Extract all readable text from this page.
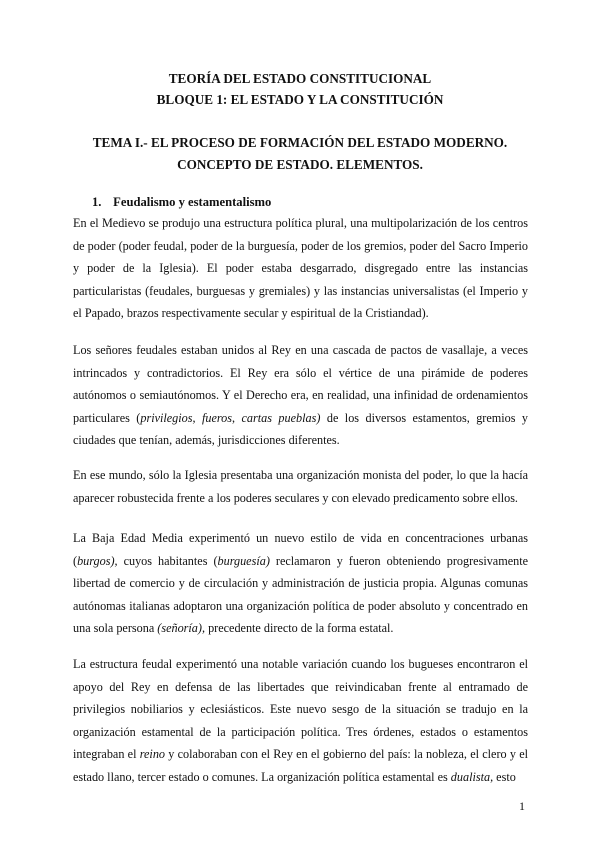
TEORÍA DEL ESTADO CONSTITUCIONAL
BLOQUE 1: EL ESTADO Y LA CONSTITUCIÓN
TEMA I.- EL PROCESO DE FORMACIÓN DEL ESTADO MODERNO. CONCEPTO DE ESTADO. ELEMENTOS.
1. Feudalismo y estamentalismo
En el Medievo se produjo una estructura política plural, una multipolarización de los centros de poder (poder feudal, poder de la burguesía, poder de los gremios, poder del Sacro Imperio y poder de la Iglesia). El poder estaba desgarrado, disgregado entre las instancias particularistas (feudales, burguesas y gremiales) y las instancias universalistas (el Imperio y el Papado, brazos respectivamente secular y espiritual de la Cristiandad).
Los señores feudales estaban unidos al Rey en una cascada de pactos de vasallaje, a veces intrincados y contradictorios. El Rey era sólo el vértice de una pirámide de poderes autónomos o semiautónomos. Y el Derecho era, en realidad, una infinidad de ordenamientos particulares (privilegios, fueros, cartas pueblas) de los diversos estamentos, gremios y ciudades que tenían, además, jurisdicciones diferentes.
En ese mundo, sólo la Iglesia presentaba una organización monista del poder, lo que la hacía aparecer robustecida frente a los poderes seculares y con elevado predicamento sobre ellos.
La Baja Edad Media experimentó un nuevo estilo de vida en concentraciones urbanas (burgos), cuyos habitantes (burguesía) reclamaron y fueron obteniendo progresivamente libertad de comercio y de circulación y administración de justicia propia. Algunas comunas autónomas italianas adoptaron una organización política de poder absoluto y concentrado en una sola persona (señoría), precedente directo de la forma estatal.
La estructura feudal experimentó una notable variación cuando los bugueses encontraron el apoyo del Rey en defensa de las libertades que reivindicaban frente al entramado de privilegios nobiliarios y eclesiásticos. Este nuevo sesgo de la situación se tradujo en la organización estamental de la participación política. Tres órdenes, estados o estamentos integraban el reino y colaboraban con el Rey en el gobierno del país: la nobleza, el clero y el estado llano, tercer estado o comunes. La organización política estamental es dualista, esto
1
